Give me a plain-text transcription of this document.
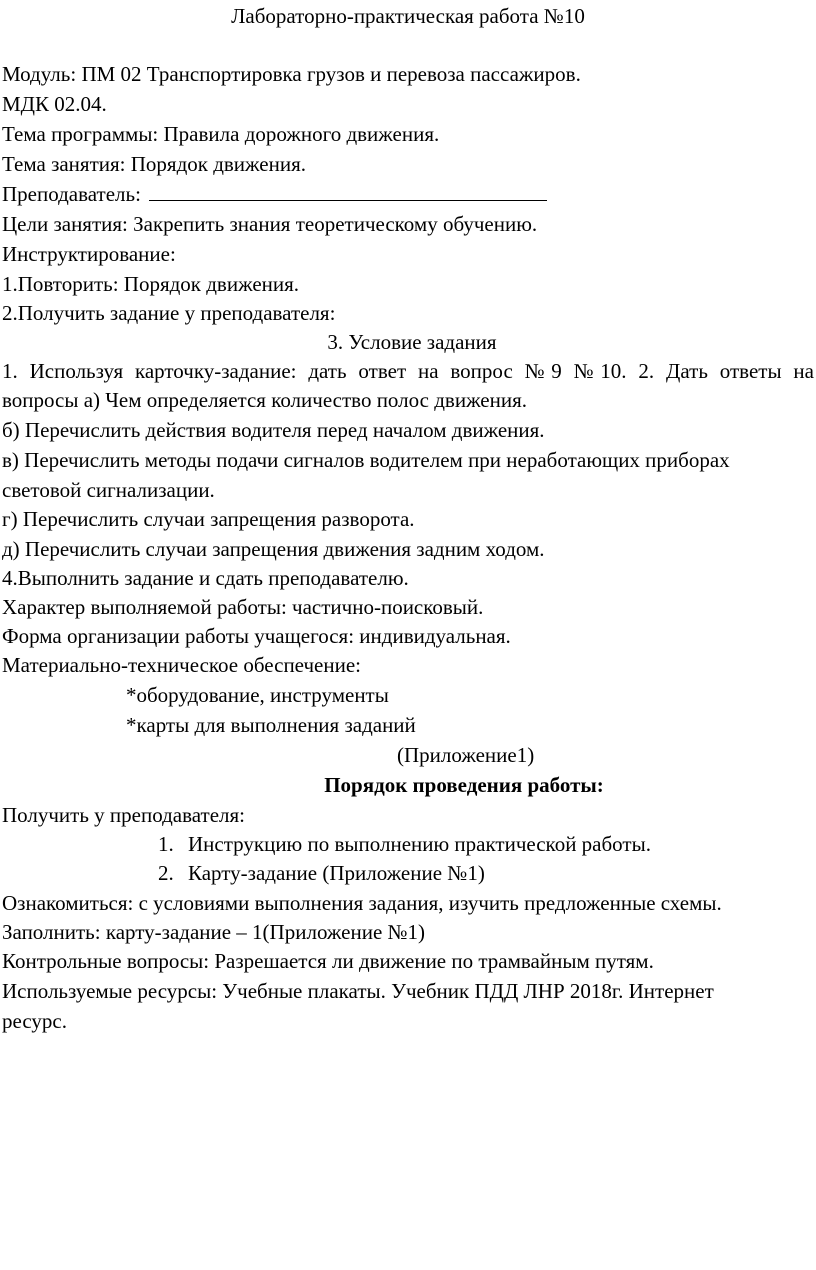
Лабораторно-практическая работа №10
Модуль: ПМ 02 Транспортировка грузов и перевоза пассажиров.
МДК 02.04.
Тема программы: Правила дорожного движения.
Тема занятия: Порядок движения.
Преподаватель:
Цели занятия: Закрепить знания теоретическому обучению.
Инструктирование:
1.Повторить: Порядок движения.
2.Получить задание у преподавателя:
3. Условие задания
1. Используя карточку-задание: дать ответ на вопрос №9 №10. 2. Дать ответы на
вопросы а) Чем определяется количество полос движения.
б) Перечислить действия водителя перед началом движения.
в) Перечислить методы подачи сигналов водителем при неработающих приборах
световой сигнализации.
г) Перечислить случаи запрещения разворота.
д) Перечислить случаи запрещения движения задним ходом.
4.Выполнить задание и сдать преподавателю.
Характер выполняемой работы: частично-поисковый.
Форма организации работы учащегося: индивидуальная.
Материально-техническое обеспечение:
*оборудование, инструменты
*карты для выполнения заданий
(Приложение1)
Порядок проведения работы:
Получить у преподавателя:
1. Инструкцию по выполнению практической работы.
2. Карту-задание (Приложение №1)
Ознакомиться: с условиями выполнения задания, изучить предложенные схемы.
Заполнить: карту-задание – 1(Приложение №1)
Контрольные вопросы: Разрешается ли движение по трамвайным путям.
Используемые ресурсы: Учебные плакаты. Учебник ПДД ЛНР 2018г. Интернет
ресурс.
